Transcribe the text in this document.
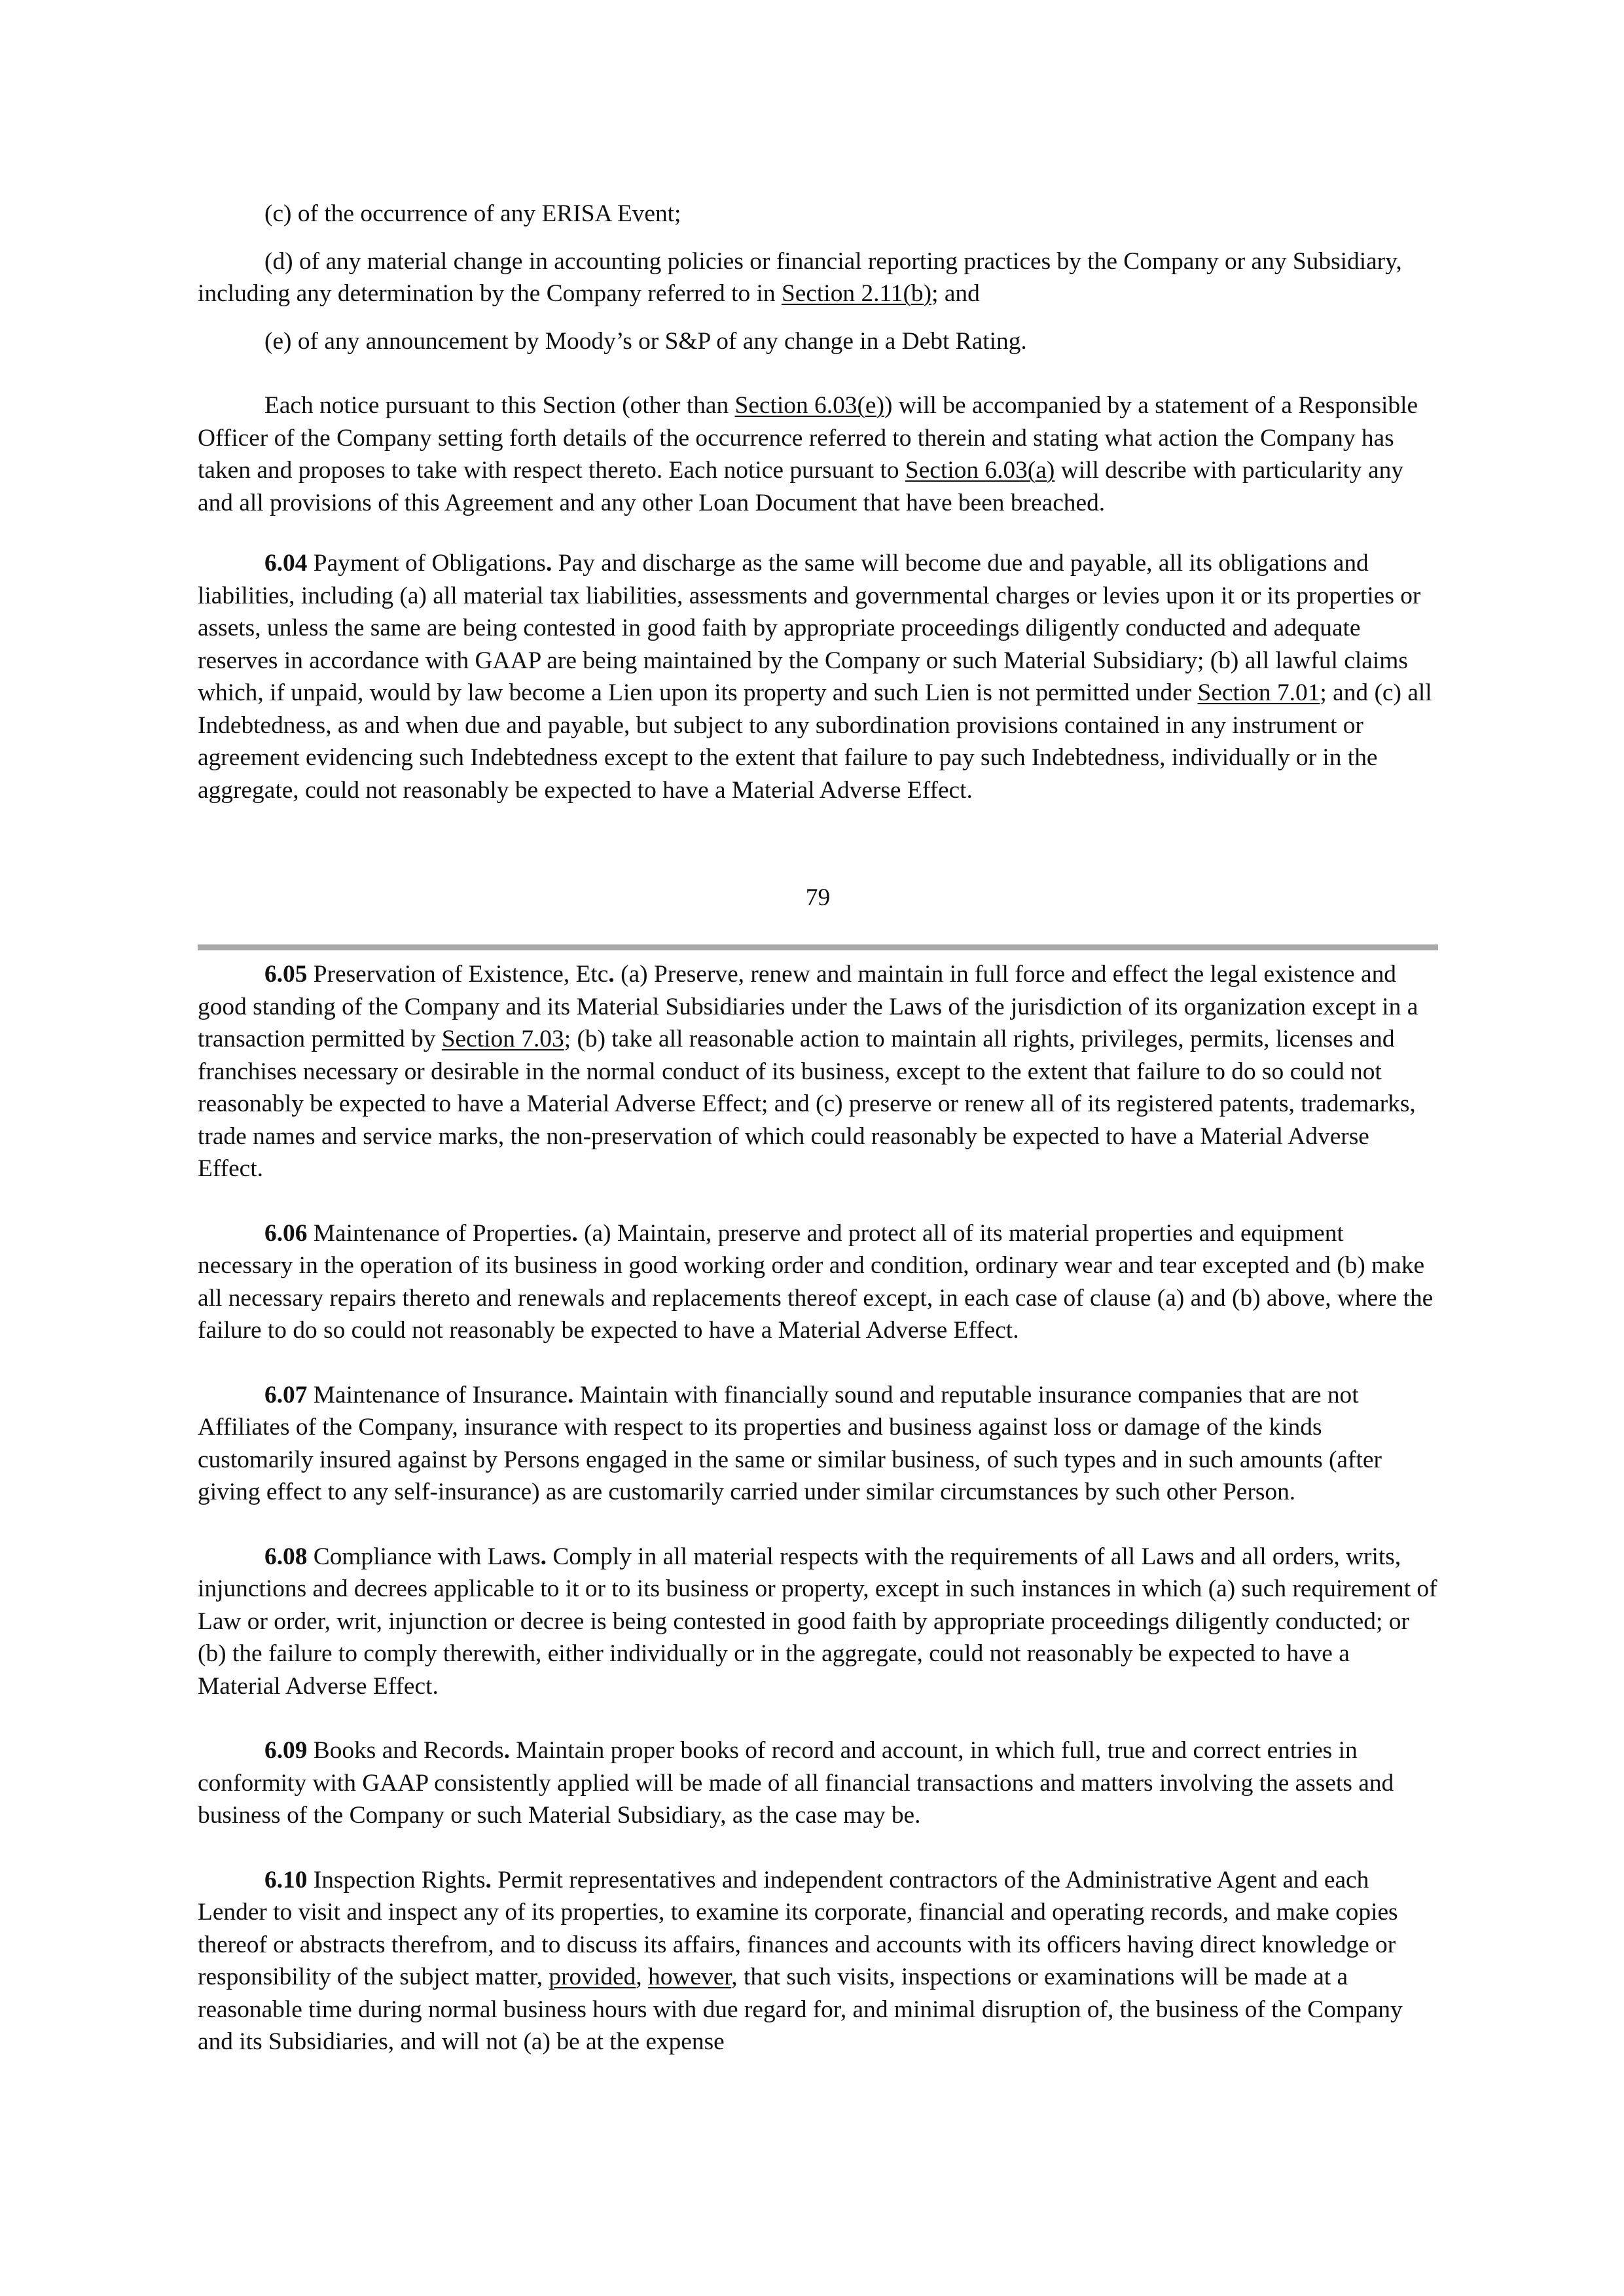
(c) of the occurrence of any ERISA Event;

(d) of any material change in accounting policies or financial reporting practices by the Company or any Subsidiary, including any determination by the Company referred to in Section 2.11(b); and

(e) of any announcement by Moody’s or S&P of any change in a Debt Rating.

Each notice pursuant to this Section (other than Section 6.03(e)) will be accompanied by a statement of a Responsible Officer of the Company setting forth details of the occurrence referred to therein and stating what action the Company has taken and proposes to take with respect thereto. Each notice pursuant to Section 6.03(a) will describe with particularity any and all provisions of this Agreement and any other Loan Document that have been breached.

6.04 Payment of Obligations. Pay and discharge as the same will become due and payable, all its obligations and liabilities, including (a) all material tax liabilities, assessments and governmental charges or levies upon it or its properties or assets, unless the same are being contested in good faith by appropriate proceedings diligently conducted and adequate reserves in accordance with GAAP are being maintained by the Company or such Material Subsidiary; (b) all lawful claims which, if unpaid, would by law become a Lien upon its property and such Lien is not permitted under Section 7.01; and (c) all Indebtedness, as and when due and payable, but subject to any subordination provisions contained in any instrument or agreement evidencing such Indebtedness except to the extent that failure to pay such Indebtedness, individually or in the aggregate, could not reasonably be expected to have a Material Adverse Effect.

79

6.05 Preservation of Existence, Etc. (a) Preserve, renew and maintain in full force and effect the legal existence and good standing of the Company and its Material Subsidiaries under the Laws of the jurisdiction of its organization except in a transaction permitted by Section 7.03; (b) take all reasonable action to maintain all rights, privileges, permits, licenses and franchises necessary or desirable in the normal conduct of its business, except to the extent that failure to do so could not reasonably be expected to have a Material Adverse Effect; and (c) preserve or renew all of its registered patents, trademarks, trade names and service marks, the non-preservation of which could reasonably be expected to have a Material Adverse Effect.

6.06 Maintenance of Properties. (a) Maintain, preserve and protect all of its material properties and equipment necessary in the operation of its business in good working order and condition, ordinary wear and tear excepted and (b) make all necessary repairs thereto and renewals and replacements thereof except, in each case of clause (a) and (b) above, where the failure to do so could not reasonably be expected to have a Material Adverse Effect.

6.07 Maintenance of Insurance. Maintain with financially sound and reputable insurance companies that are not Affiliates of the Company, insurance with respect to its properties and business against loss or damage of the kinds customarily insured against by Persons engaged in the same or similar business, of such types and in such amounts (after giving effect to any self-insurance) as are customarily carried under similar circumstances by such other Person.

6.08 Compliance with Laws. Comply in all material respects with the requirements of all Laws and all orders, writs, injunctions and decrees applicable to it or to its business or property, except in such instances in which (a) such requirement of Law or order, writ, injunction or decree is being contested in good faith by appropriate proceedings diligently conducted; or (b) the failure to comply therewith, either individually or in the aggregate, could not reasonably be expected to have a Material Adverse Effect.

6.09 Books and Records. Maintain proper books of record and account, in which full, true and correct entries in conformity with GAAP consistently applied will be made of all financial transactions and matters involving the assets and business of the Company or such Material Subsidiary, as the case may be.

6.10 Inspection Rights. Permit representatives and independent contractors of the Administrative Agent and each Lender to visit and inspect any of its properties, to examine its corporate, financial and operating records, and make copies thereof or abstracts therefrom, and to discuss its affairs, finances and accounts with its officers having direct knowledge or responsibility of the subject matter, provided, however, that such visits, inspections or examinations will be made at a reasonable time during normal business hours with due regard for, and minimal disruption of, the business of the Company and its Subsidiaries, and will not (a) be at the expense
